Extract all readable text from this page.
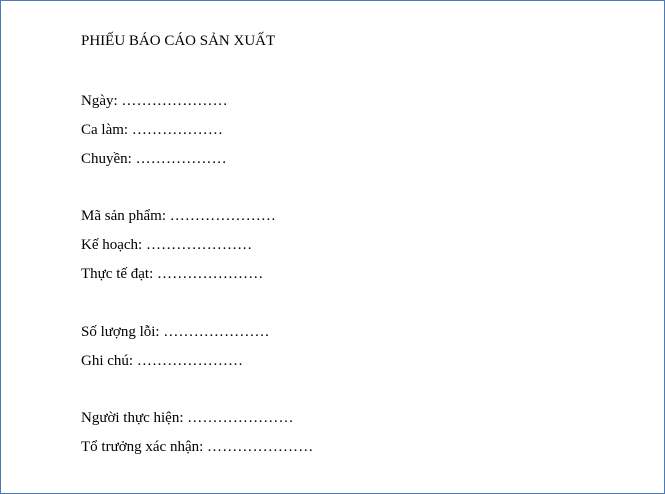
PHIẾU BÁO CÁO SẢN XUẤT
Ngày: …………………
Ca làm: ………………
Chuyền: ………………
Mã sản phẩm: …………………
Kế hoạch: …………………
Thực tế đạt: …………………
Số lượng lỗi: …………………
Ghi chú: …………………
Người thực hiện: …………………
Tổ trưởng xác nhận: …………………
